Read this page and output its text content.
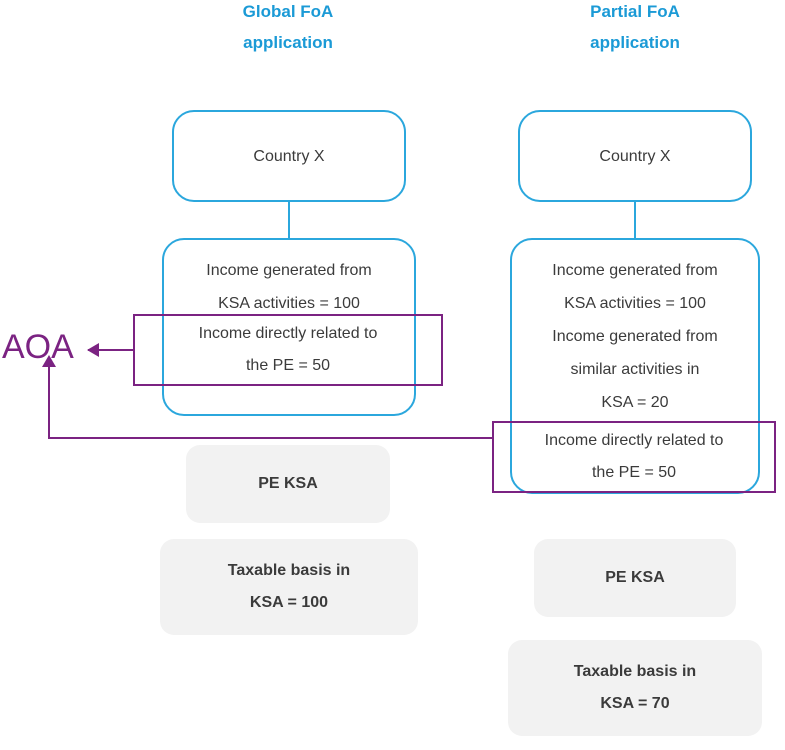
Global FoA
application
Partial FoA
application
Country X
Income generated from
KSA activities = 100
Income directly related to
the PE = 50
PE KSA
Taxable basis in
KSA = 100
Country X
Income generated from
KSA activities = 100
Income generated from
similar activities in
KSA = 20
Income directly related to
the PE = 50
PE KSA
Taxable basis in
KSA = 70
AOA
